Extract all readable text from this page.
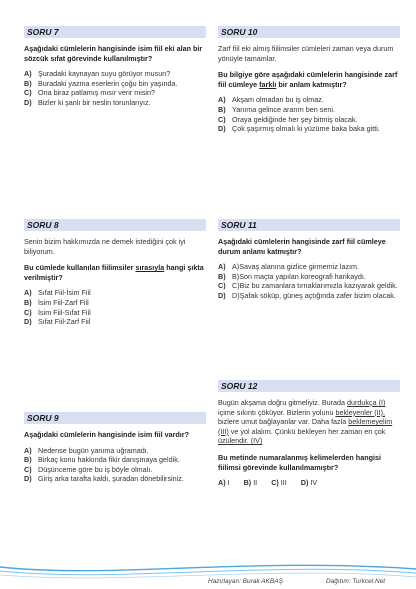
SORU 7
Aşağıdaki cümlelerin hangisinde isim fiil eki alan bir sözcük sıfat görevinde kullanılmıştır?
A) Şuradaki kaynayan suyu görüyor musun?
B) Buradaki yazma eserlerin çoğu bin yaşında.
C) Ona biraz patlamış mısır verir misin?
D) Bizler ki şanlı bir neslin torunlarıyız.
SORU 10
Zarf fiil eki almış fiilimsiler cümleleri zaman veya durum yönüyle tamamlar.
Bu bilgiye göre aşağıdaki cümlelerin hangisinde zarf fiil cümleye farklı bir anlam katmıştır?
A) Akşam olmadan bu iş olmaz.
B) Yanıma gelince ararım ben seni.
C) Oraya geldiğinde her şey bitmiş olacak.
D) Çok şaşırmış olmalı ki yüzüme baka baka gitti.
SORU 8
Senin bizim hakkımızda ne demek istediğini çok iyi biliyorum.
Bu cümlede kullanılan fiilimsiler sırasıyla hangi şıkta verilmiştir?
A) Sıfat Fiil-İsim Fiil
B) İsim Fiil-Zarf Fiil
C) İsim Fiil-Sıfat Fiil
D) Sıfat Fiil-Zarf Fiil
SORU 11
Aşağıdaki cümlelerin hangisinde zarf fiil cümleye durum anlamı katmıştır?
A) A)Savaş alanına gizlice girmemiz lazım.
B) B)Son maçta yapılan koreografi harikaydı.
C) C)Biz bu zamanlara tırnaklarımızla kazıyarak geldik.
D) D)Şafak söküp, güneş açtığında zafer bizim olacak.
SORU 9
Aşağıdaki cümlelerin hangisinde isim fiil vardır?
A) Nedense bugün yanıma uğramadı.
B) Birkaç konu hakkında fikir danışmaya geldik.
C) Düşünceme göre bu iş böyle olmalı.
D) Giriş arka tarafta kaldı, şuradan dönebilirsiniz.
SORU 12
Bugün akşama doğru gitmeliyiz. Burada durdukça (I) içime sıkıntı çöküyor. Bizlerin yolunu bekleyenler (II), bizlere umut bağlayanlar var. Daha fazla beklemeyelim (III) ve yol alalım. Çünkü bekleyen her zaman en çok üzülendir. (IV)
Bu metinde numaralanmış kelimelerden hangisi fiilimsi görevinde kullanılmamıştır?
A) I B) II C) III D) IV
Hazırlayan: Burak AKBAŞ	Dağıtım: Turkcel.Net
